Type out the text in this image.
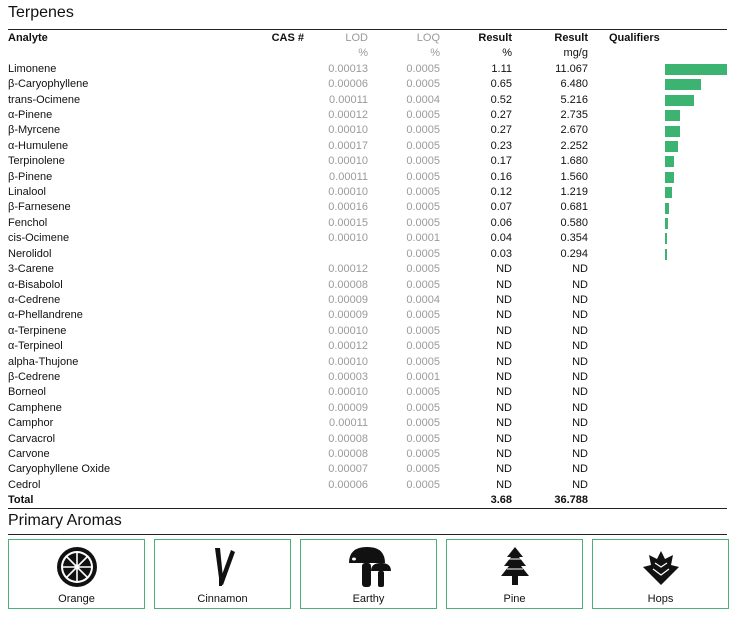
Terpenes
Analyte	CAS #	LOD	LOQ	Result	Result	Qualifiers
		%	%	%	mg/g	
Limonene		0.00013	0.0005	1.11	11.067	
β-Caryophyllene		0.00006	0.0005	0.65	6.480	
trans-Ocimene		0.00011	0.0004	0.52	5.216	
α-Pinene		0.00012	0.0005	0.27	2.735	
β-Myrcene		0.00010	0.0005	0.27	2.670	
α-Humulene		0.00017	0.0005	0.23	2.252	
Terpinolene		0.00010	0.0005	0.17	1.680	
β-Pinene		0.00011	0.0005	0.16	1.560	
Linalool		0.00010	0.0005	0.12	1.219	
β-Farnesene		0.00016	0.0005	0.07	0.681	
Fenchol		0.00015	0.0005	0.06	0.580	
cis-Ocimene		0.00010	0.0001	0.04	0.354	
Nerolidol			0.0005	0.03	0.294	
3-Carene		0.00012	0.0005	ND	ND	
α-Bisabolol		0.00008	0.0005	ND	ND	
α-Cedrene		0.00009	0.0004	ND	ND	
α-Phellandrene		0.00009	0.0005	ND	ND	
α-Terpinene		0.00010	0.0005	ND	ND	
α-Terpineol		0.00012	0.0005	ND	ND	
alpha-Thujone		0.00010	0.0005	ND	ND	
β-Cedrene		0.00003	0.0001	ND	ND	
Borneol		0.00010	0.0005	ND	ND	
Camphene		0.00009	0.0005	ND	ND	
Camphor		0.00011	0.0005	ND	ND	
Carvacrol		0.00008	0.0005	ND	ND	
Carvone		0.00008	0.0005	ND	ND	
Caryophyllene Oxide		0.00007	0.0005	ND	ND	
Cedrol		0.00006	0.0005	ND	ND	
Total				3.68	36.788	
Primary Aromas
Orange	Cinnamon	Earthy	Pine	Hops
